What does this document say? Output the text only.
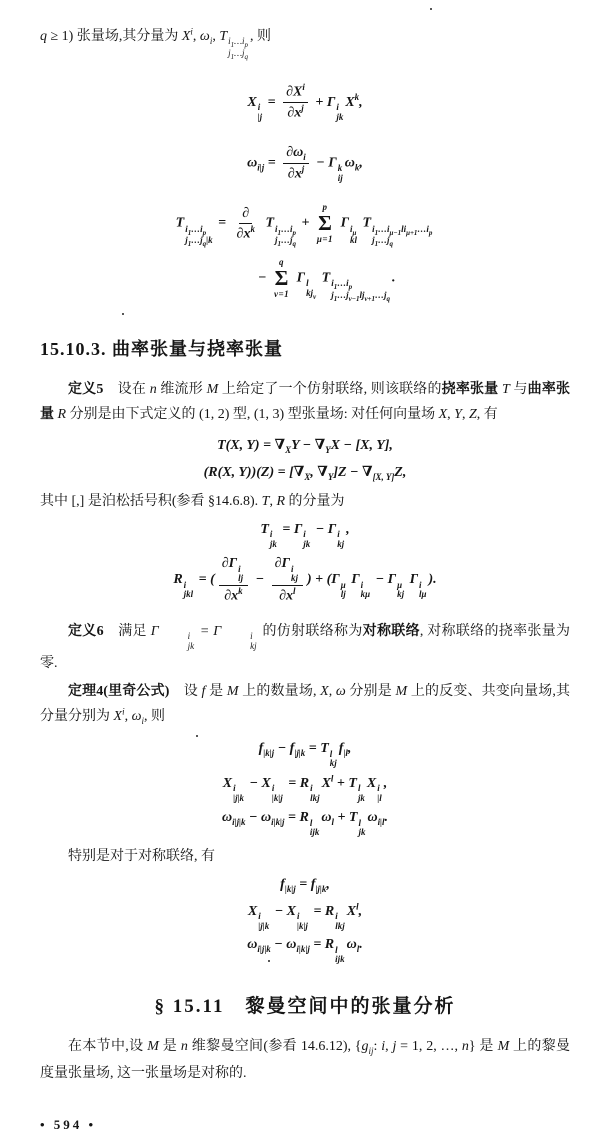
q ≥ 1) 张量场,其分量为 $X^i$, $\omega_i$, T $i_1\dots i_p$
$j_1\dots j_q$
, 则
X i
|j
= $\frac{\partial X^i}{\partial x^j} + \Gamma$ i
jk
$X^k$,
$\omega_{i|j} = \frac{\partial\omega_i}{\partial x^j} - \Gamma$ k
ij
$\omega_k$,
T $i_1\dots i_p$
$j_1\dots j_q|k$
= $\frac{\partial}{\partial x^k}$ T $i_1\dots i_p$
$j_1\dots j_q$
+
p
Σ
μ=1
Γ $i_\mu$
kl
T $i_1\dots i_{\mu-1}li_{\mu+1}\dots i_p$
$j_1\dots j_q$
−
q
Σ
ν=1
Γ l
$kj_\nu$
T $i_1\dots i_p$
$j_1\dots j_{\nu-1}lj_{\nu+1}\dots j_q$
.
15.10.3. 曲率张量与挠率张量
定义5　设在 n 维流形 M 上给定了一个仿射联络, 则该联络的挠率张量 T 与曲率张量 R 分别是由下式定义的 (1, 2) 型, (1, 3) 型张量场: 对任何向量场 X, Y, Z, 有
T(X, $Y) = \nabla_XY - \nabla_YX - [X$, Y],
(R(X, $Y))(Z) = [\nabla_X$, $\nabla_Y]Z - \nabla_{[X, Y]}Z$,
其中 [,] 是泊松括号积(参看 §14.6.8). T, R 的分量为
T i
jk
= Γ i
jk
− Γ i
kj
,
R i
jkl
= ( ∂Γ i
lj
$\partial x^k - \partial\Gamma$ i
kj
$\partial x^l$ ) + (Γ μ
lj
Γ i
kμ
− Γ μ
kj
Γ i
lμ
).
定义6　满足 Γ	i
jk
= Γ	i
kj
的仿射联络称为对称联络, 对称联络的挠率张量为零.
定理4(里奇公式)　设 f 是 M 上的数量场, X, ω 分别是 M 上的反变、共变向量场,其分量分别为 $X^i$, $\omega_i$, 则
$f_{|k|j} - f_{|j|k} = T$ l
kj
$f_{|l}$,
X i
|j|k
− X i
|k|j
= R i
lkj
$X^l + T$ l
jk
X i
|l
,
$\omega_{i|j|k} - \omega_{i|k|j} = R$ l
ijk
$\omega_l + T$ l
jk
$\omega_{i|l}$.
特别是对于对称联络, 有
$f_{|k|j} = f_{|j|k}$,
X i
|j|k
− X i
|k|j
= R i
lkj
$X^l$,
$\omega_{i|j|k} - \omega_{i|k|j} = R$ l
ijk
$\omega_l$.
§ 15.11　黎曼空间中的张量分析
在本节中,设 M 是 n 维黎曼空间(参看 14.6.12), {$g_{ij}$: i, j = 1, 2, …, n} 是 M 上的黎曼度量张量场, 这一张量场是对称的.
• 594 •
